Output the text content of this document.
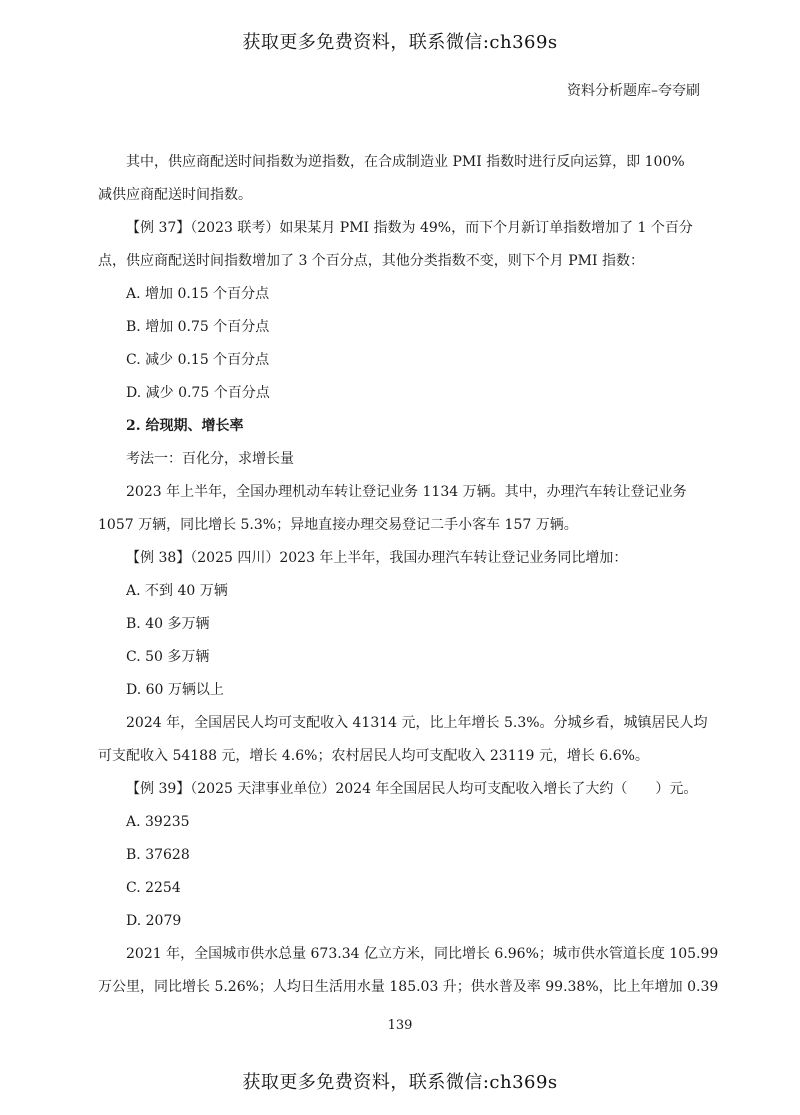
获取更多免费资料，联系微信:ch369s
资料分析题库–夸夸刷

其中，供应商配送时间指数为逆指数，在合成制造业 PMI 指数时进行反向运算，即 100%

减供应商配送时间指数。

【例 37】（2023 联考）如果某月 PMI 指数为 49%，而下个月新订单指数增加了 1 个百分

点，供应商配送时间指数增加了 3 个百分点，其他分类指数不变，则下个月 PMI 指数：

A. 增加 0.15 个百分点

B. 增加 0.75 个百分点

C. 减少 0.15 个百分点

D. 减少 0.75 个百分点

2. 给现期、增长率

考法一：百化分，求增长量

2023 年上半年，全国办理机动车转让登记业务 1134 万辆。其中，办理汽车转让登记业务

1057 万辆，同比增长 5.3%；异地直接办理交易登记二手小客车 157 万辆。

【例 38】（2025 四川）2023 年上半年，我国办理汽车转让登记业务同比增加：

A. 不到 40 万辆

B. 40 多万辆

C. 50 多万辆

D. 60 万辆以上

2024 年，全国居民人均可支配收入 41314 元，比上年增长 5.3%。分城乡看，城镇居民人均

可支配收入 54188 元，增长 4.6%；农村居民人均可支配收入 23119 元，增长 6.6%。

【例 39】（2025 天津事业单位）2024 年全国居民人均可支配收入增长了大约（　　）元。

A. 39235

B. 37628

C. 2254

D. 2079

2021 年，全国城市供水总量 673.34 亿立方米，同比增长 6.96%；城市供水管道长度 105.99

万公里，同比增长 5.26%；人均日生活用水量 185.03 升；供水普及率 99.38%，比上年增加 0.39

139
获取更多免费资料，联系微信:ch369s
